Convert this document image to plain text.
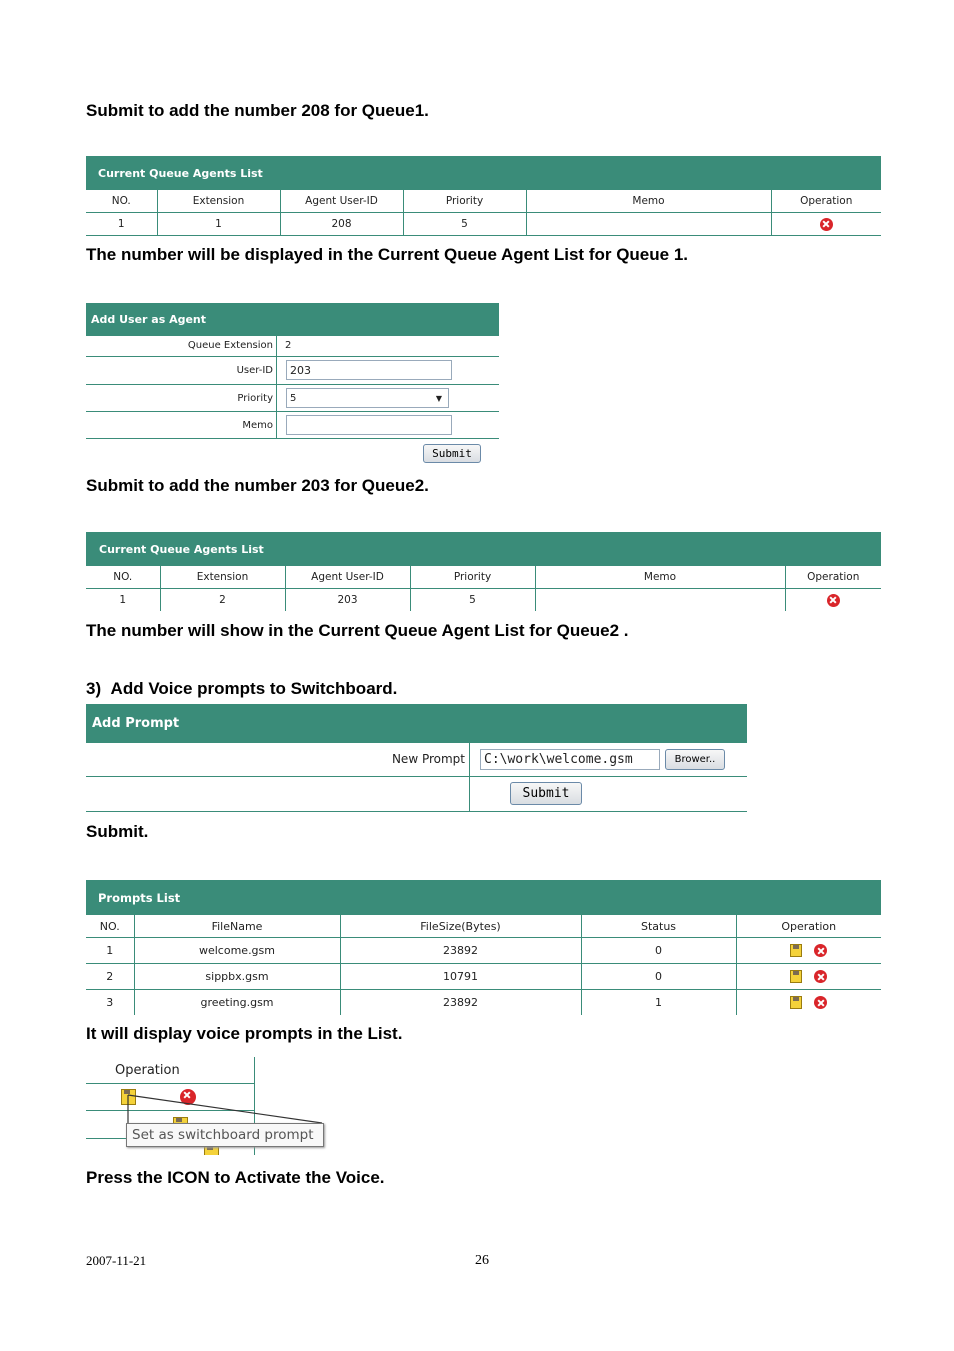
Submit to add the number 208 for Queue1.
Current Queue Agents List
NO.	Extension	Agent User-ID	Priority	Memo	Operation
1	1	208	5		
The number will be displayed in the Current Queue Agent List for Queue 1.
Add User as Agent
Queue Extension 2
User-ID	203
Priority 5	▼
Memo
Submit
Submit to add the number 203 for Queue2.
Current Queue Agents List
NO.	Extension	Agent User-ID	Priority	Memo	Operation
1	2	203	5		
The number will show in the Current Queue Agent List for Queue2 .
3)  Add Voice prompts to Switchboard.
Add Prompt
New Prompt	C:\work\welcome.gsm	Brower..
Submit
Submit.
Prompts List
NO.	FileName	FileSize(Bytes)	Status	Operation
1	welcome.gsm	23892	0	
2	sippbx.gsm	10791	0	
3	greeting.gsm	23892	1	
It will display voice prompts in the List.
Operation

Set as switchboard prompt
Press the ICON to Activate the Voice.
2007-11-21	26
